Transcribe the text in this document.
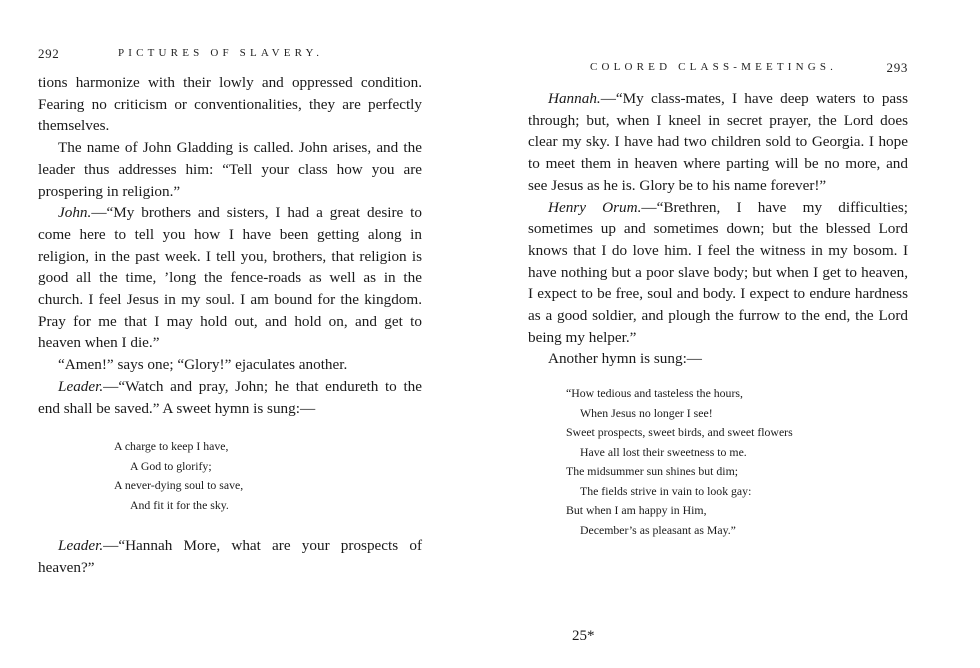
292	PICTURES OF SLAVERY.

tions harmonize with their lowly and oppressed condition. Fearing no criticism or conventionalities, they are perfectly themselves.

The name of John Gladding is called. John arises, and the leader thus addresses him: “Tell your class how you are prospering in religion.”

John.—“My brothers and sisters, I had a great desire to come here to tell you how I have been getting along in religion, in the past week. I tell you, brothers, that religion is good all the time, ’long the fence-roads as well as in the church. I feel Jesus in my soul. I am bound for the kingdom. Pray for me that I may hold out, and hold on, and get to heaven when I die.”

“Amen!” says one; “Glory!” ejaculates another.

Leader.—“Watch and pray, John; he that endureth to the end shall be saved.” A sweet hymn is sung:—

A charge to keep I have,
A God to glorify;
A never-dying soul to save,
And fit it for the sky.

Leader.—“Hannah More, what are your prospects of heaven?”

COLORED CLASS-MEETINGS.	293

Hannah.—“My class-mates, I have deep waters to pass through; but, when I kneel in secret prayer, the Lord does clear my sky. I have had two children sold to Georgia. I hope to meet them in heaven where parting will be no more, and see Jesus as he is. Glory be to his name forever!”

Henry Orum.—“Brethren, I have my difficulties; sometimes up and sometimes down; but the blessed Lord knows that I do love him. I feel the witness in my bosom. I have nothing but a poor slave body; but when I get to heaven, I expect to be free, soul and body. I expect to endure hardness as a good soldier, and plough the furrow to the end, the Lord being my helper.”

Another hymn is sung:—

“How tedious and tasteless the hours,
When Jesus no longer I see!
Sweet prospects, sweet birds, and sweet flowers
Have all lost their sweetness to me.
The midsummer sun shines but dim;
The fields strive in vain to look gay:
But when I am happy in Him,
December’s as pleasant as May.”
25*
